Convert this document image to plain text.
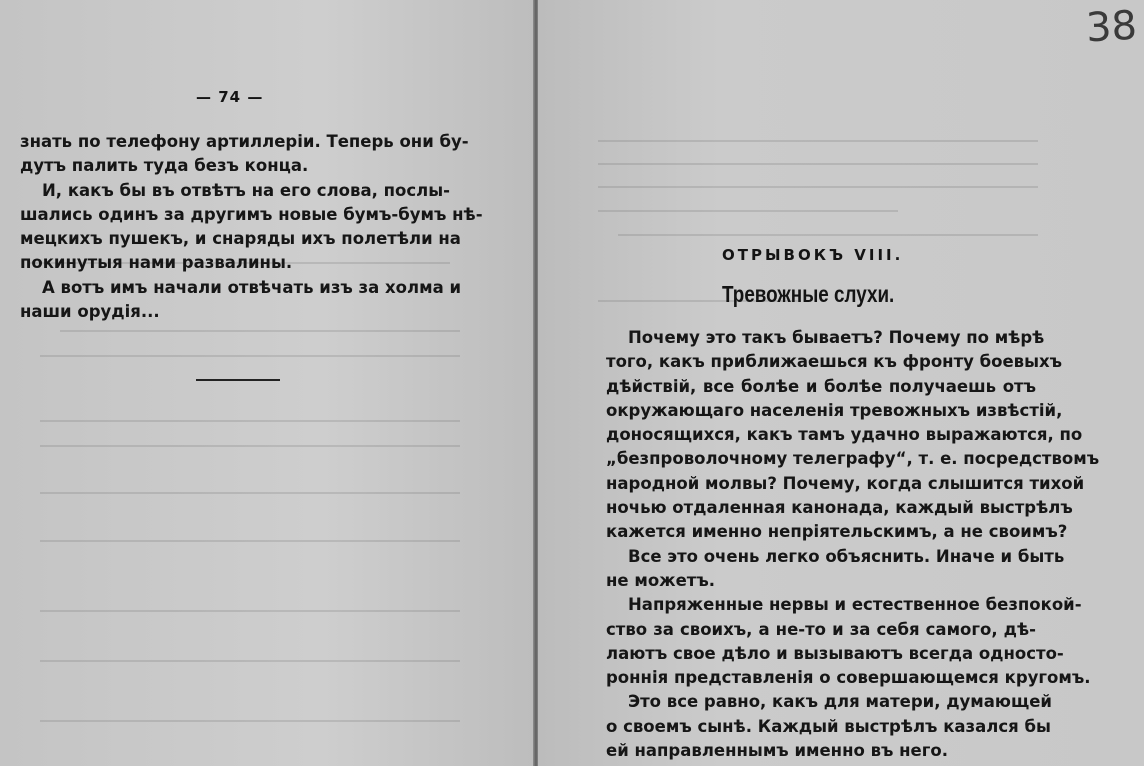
— 74 —
знать по телефону артиллеріи. Теперь они бу-
дутъ палить туда безъ конца.
И, какъ бы въ отвѣтъ на его слова, послы-
шались одинъ за другимъ новые бумъ-бумъ нѣ-
мецкихъ пушекъ, и снаряды ихъ полетѣли на
покинутыя нами развалины.
А вотъ имъ начали отвѣчать изъ за холма и
наши орудія...
38
ОТРЫВОКЪ VIII.
Тревожные слухи.
Почему это такъ бываетъ? Почему по мѣрѣ
того, какъ приближаешься къ фронту боевыхъ
дѣйствій, все болѣе и болѣе получаешь отъ
окружающаго населенія тревожныхъ извѣстій,
доносящихся, какъ тамъ удачно выражаются, по
„безпроволочному телеграфу“, т. е. посредствомъ
народной молвы? Почему, когда слышится тихой
ночью отдаленная канонада, каждый выстрѣлъ
кажется именно непріятельскимъ, а не своимъ?
Все это очень легко объяснить. Иначе и быть
не можетъ.
Напряженные нервы и естественное безпокой-
ство за своихъ, а не-то и за себя самого, дѣ-
лаютъ свое дѣло и вызываютъ всегда односто-
роннія представленія о совершающемся кругомъ.
Это все равно, какъ для матери, думающей
о своемъ сынѣ. Каждый выстрѣлъ казался бы
ей направленнымъ именно въ него.
